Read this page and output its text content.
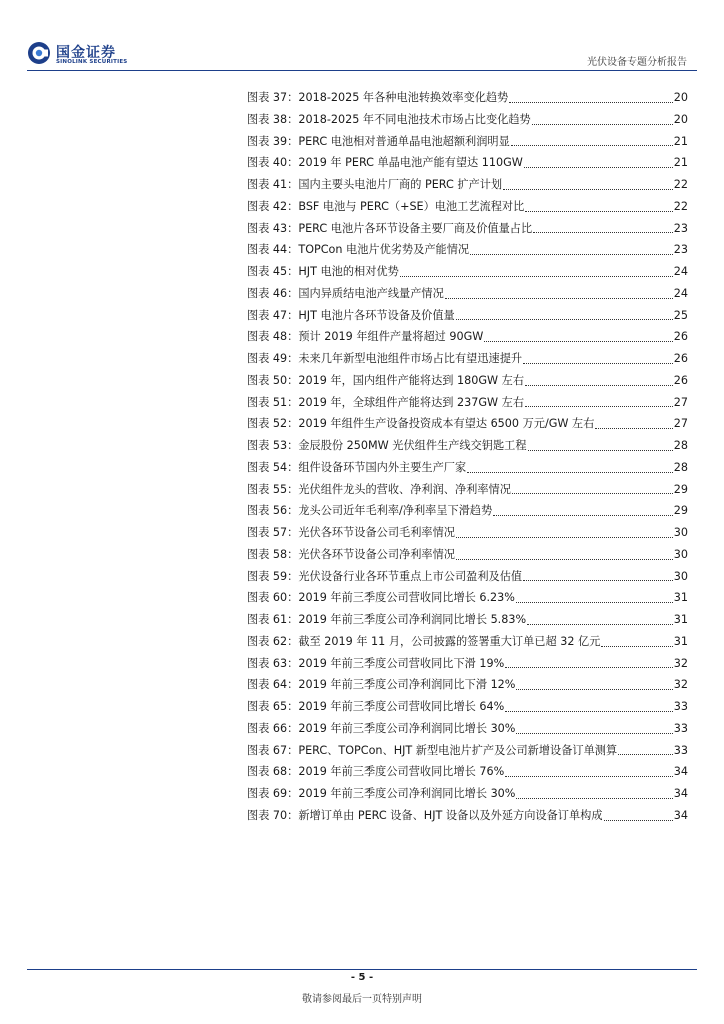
国金证券
SINOLINK SECURITIES	光伏设备专题分析报告
图表 37：2018-2025 年各种电池转换效率变化趋势	20
图表 38：2018-2025 年不同电池技术市场占比变化趋势	20
图表 39：PERC 电池相对普通单晶电池超额利润明显	21
图表 40：2019 年 PERC 单晶电池产能有望达 110GW	21
图表 41：国内主要头电池片厂商的 PERC 扩产计划	22
图表 42：BSF 电池与 PERC（+SE）电池工艺流程对比	22
图表 43：PERC 电池片各环节设备主要厂商及价值量占比	23
图表 44：TOPCon 电池片优劣势及产能情况	23
图表 45：HJT 电池的相对优势	24
图表 46：国内异质结电池产线量产情况	24
图表 47：HJT 电池片各环节设备及价值量	25
图表 48：预计 2019 年组件产量将超过 90GW	26
图表 49：未来几年新型电池组件市场占比有望迅速提升	26
图表 50：2019 年，国内组件产能将达到 180GW 左右	26
图表 51：2019 年，全球组件产能将达到 237GW 左右	27
图表 52：2019 年组件生产设备投资成本有望达 6500 万元/GW 左右	27
图表 53：金辰股份 250MW 光伏组件生产线交钥匙工程	28
图表 54：组件设备环节国内外主要生产厂家	28
图表 55：光伏组件龙头的营收、净利润、净利率情况	29
图表 56：龙头公司近年毛利率/净利率呈下滑趋势	29
图表 57：光伏各环节设备公司毛利率情况	30
图表 58：光伏各环节设备公司净利率情况	30
图表 59：光伏设备行业各环节重点上市公司盈利及估值	30
图表 60：2019 年前三季度公司营收同比增长 6.23%	31
图表 61：2019 年前三季度公司净利润同比增长 5.83%	31
图表 62：截至 2019 年 11 月，公司披露的签署重大订单已超 32 亿元	31
图表 63：2019 年前三季度公司营收同比下滑 19%	32
图表 64：2019 年前三季度公司净利润同比下滑 12%	32
图表 65：2019 年前三季度公司营收同比增长 64%	33
图表 66：2019 年前三季度公司净利润同比增长 30%	33
图表 67：PERC、TOPCon、HJT 新型电池片扩产及公司新增设备订单测算	33
图表 68：2019 年前三季度公司营收同比增长 76%	34
图表 69：2019 年前三季度公司净利润同比增长 30%	34
图表 70：新增订单由 PERC 设备、HJT 设备以及外延方向设备订单构成	34
- 5 -
敬请参阅最后一页特别声明
